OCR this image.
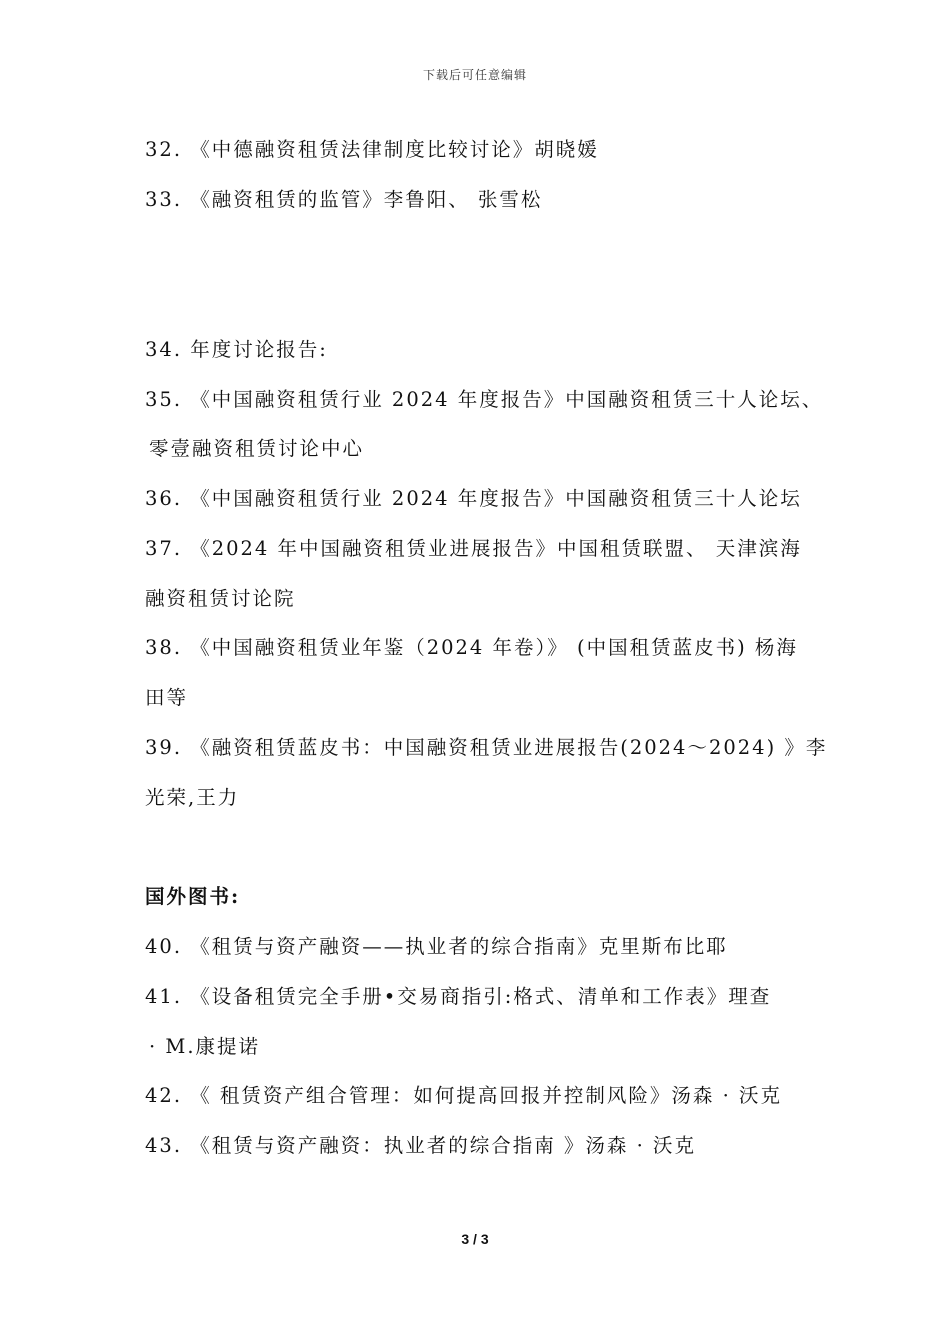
下载后可任意编辑
32. 《中德融资租赁法律制度比较讨论》胡晓媛
33. 《融资租赁的监管》李鲁阳、 张雪松
34. 年度讨论报告:
35. 《中国融资租赁行业 2024 年度报告》中国融资租赁三十人论坛、
零壹融资租赁讨论中心
36. 《中国融资租赁行业 2024 年度报告》中国融资租赁三十人论坛
37. 《2024 年中国融资租赁业进展报告》中国租赁联盟、 天津滨海
融资租赁讨论院
38. 《中国融资租赁业年鉴（2024 年卷）》 (中国租赁蓝皮书) 杨海
田等
39. 《融资租赁蓝皮书：中国融资租赁业进展报告(2024～2024) 》李
光荣,王力
国外图书:
40. 《租赁与资产融资——执业者的综合指南》克里斯布比耶
41. 《设备租赁完全手册•交易商指引:格式、清单和工作表》理查
· M.康提诺
42. 《 租赁资产组合管理：如何提高回报并控制风险》汤森 · 沃克
43. 《租赁与资产融资：执业者的综合指南 》汤森 · 沃克
3 / 3
